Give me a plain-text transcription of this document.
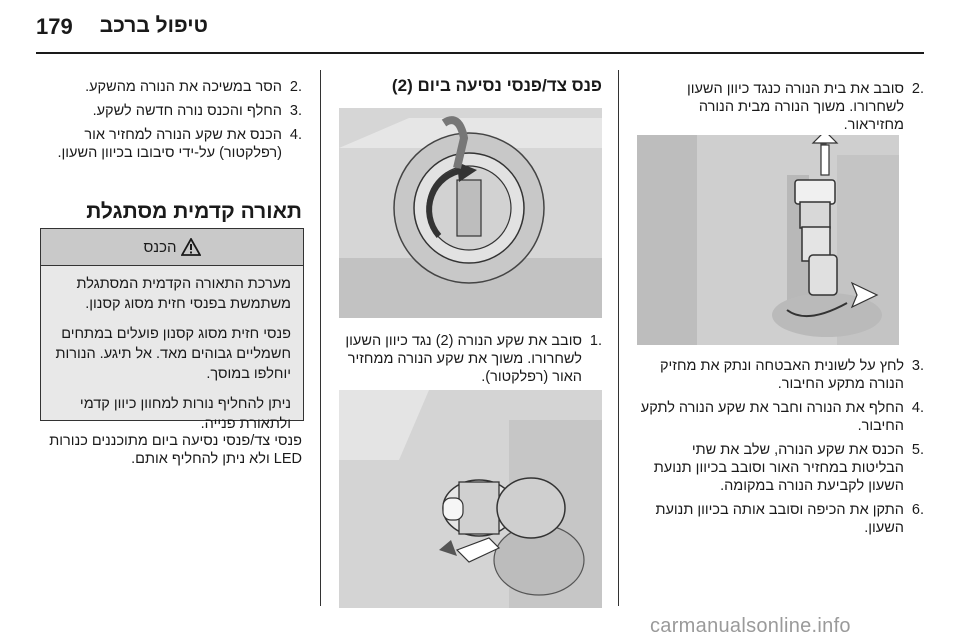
179 טיפול ברכב
.2
סובב את בית הנורה כנגד כיוון השעון לשחרורו. משוך הנורה מבית הנורה מחזיראור.
.3
לחץ על לשונית האבטחה ונתק את מחזיק הנורה מתקע החיבור.
.4
החלף את הנורה וחבר את שקע הנורה לתקע החיבור.
.5
הכנס את שקע הנורה, שלב את שתי הבליטות במחזיר האור וסובב בכיוון תנועת השעון לקביעת הנורה במקומה.
.6
התקן את הכיפה וסובב אותה בכיוון תנועת השעון.
פנס צד/פנסי נסיעה ביום (2)
.1
סובב את שקע הנורה (2) נגד כיוון השעון לשחרורו. משוך את שקע הנורה ממחזיר האור (רפלקטור).
.2
הסר במשיכה את הנורה מהשקע.
.3
החלף והכנס נורה חדשה לשקע.
.4
הכנס את שקע הנורה למחזיר אור (רפלקטור) על-ידי סיבובו בכיוון השעון.
תאורה קדמית מסתגלת
הכנס

מערכת התאורה הקדמית המסתגלת משתמשת בפנסי חזית מסוג קסנון.

פנסי חזית מסוג קסנון פועלים במתחים חשמליים גבוהים מאד. אל תיגע. הנורות יוחלפו במוסך.

ניתן להחליף נורות למחוון כיוון קדמי ולתאורת פנייה.

פנסי צד/פנסי נסיעה ביום מתוכננים כנורות LED ולא ניתן להחליף אותם.
carmanualsonline.info
